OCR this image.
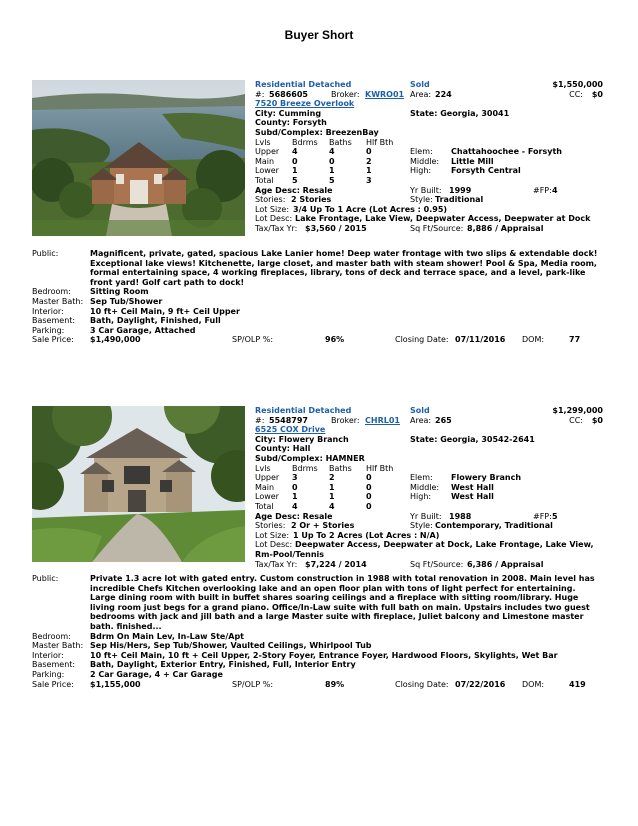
Buyer Short
Residential Detached	Sold	$1,550,000
#: 5686605	Broker: KWRO01 Area: 224	CC: $0
7520 Breeze Overlook
City: Cumming	State: Georgia, 30041
County: Forsyth
Subd/Complex: BreezenBay
Lvls	Bdrms Baths Hlf Bth
Upper 4	4	0	Elem: Chattahoochee - Forsyth
Main 0	0	2	Middle: Little Mill
Lower 1	1	1	High: Forsyth Central
Total 5	5	3
Age Desc: Resale	Yr Built: 1999	#FP: 4
Stories: 2 Stories	Style: Traditional
Lot Size: 3/4 Up To 1 Acre (Lot Acres : 0.95)
Lot Desc: Lake Frontage, Lake View, Deepwater Access, Deepwater at Dock
Tax/Tax Yr: $3,560 / 2015	Sq Ft/Source: 8,886 / Appraisal
Public:	Magnificent, private, gated, spacious Lake Lanier home! Deep water frontage with two slips & extendable dock!
Exceptional lake views! Kitchenette, large closet, and master bath with steam shower! Pool & Spa, Media room,
formal entertaining space, 4 working fireplaces, library, tons of deck and terrace space, and a level, park-like
front yard! Golf cart path to dock!
Bedroom:	Sitting Room
Master Bath: Sep Tub/Shower
Interior:	10 ft+ Ceil Main, 9 ft+ Ceil Upper
Basement:	Bath, Daylight, Finished, Full
Parking:	3 Car Garage, Attached
Sale Price: $1,490,000	SP/OLP %:	96%	Closing Date: 07/11/2016 DOM:	77
Residential Detached	Sold	$1,299,000
#: 5548797	Broker: CHRL01 Area: 265	CC: $0
6525 COX Drive
City: Flowery Branch	State: Georgia, 30542-2641
County: Hall
Subd/Complex: HAMNER
Lvls	Bdrms Baths Hlf Bth
Upper 3	2	0	Elem: Flowery Branch
Main 0	1	0	Middle: West Hall
Lower 1	1	0	High: West Hall
Total 4	4	0
Age Desc: Resale	Yr Built: 1988	#FP: 5
Stories: 2 Or + Stories	Style: Contemporary, Traditional
Lot Size: 1 Up To 2 Acres (Lot Acres : N/A)
Lot Desc: Deepwater Access, Deepwater at Dock, Lake Frontage, Lake View,
Rm-Pool/Tennis
Tax/Tax Yr: $7,224 / 2014	Sq Ft/Source: 6,386 / Appraisal
Public:	Private 1.3 acre lot with gated entry. Custom construction in 1988 with total renovation in 2008. Main level has
incredible Chefs Kitchen overlooking lake and an open floor plan with tons of light perfect for entertaining.
Large dining room with built in buffet shares soaring ceilings and a fireplace with sitting room/library. Huge
living room just begs for a grand piano. Office/In-Law suite with full bath on main. Upstairs includes two guest
bedrooms with jack and jill bath and a large Master suite with fireplace, Juliet balcony and Limestone master
bath. finished...
Bedroom:	Bdrm On Main Lev, In-Law Ste/Apt
Master Bath: Sep His/Hers, Sep Tub/Shower, Vaulted Ceilings, Whirlpool Tub
Interior:	10 ft+ Ceil Main, 10 ft + Ceil Upper, 2-Story Foyer, Entrance Foyer, Hardwood Floors, Skylights, Wet Bar
Basement:	Bath, Daylight, Exterior Entry, Finished, Full, Interior Entry
Parking:	2 Car Garage, 4 + Car Garage
Sale Price: $1,155,000	SP/OLP %:	89%	Closing Date: 07/22/2016 DOM:	419
